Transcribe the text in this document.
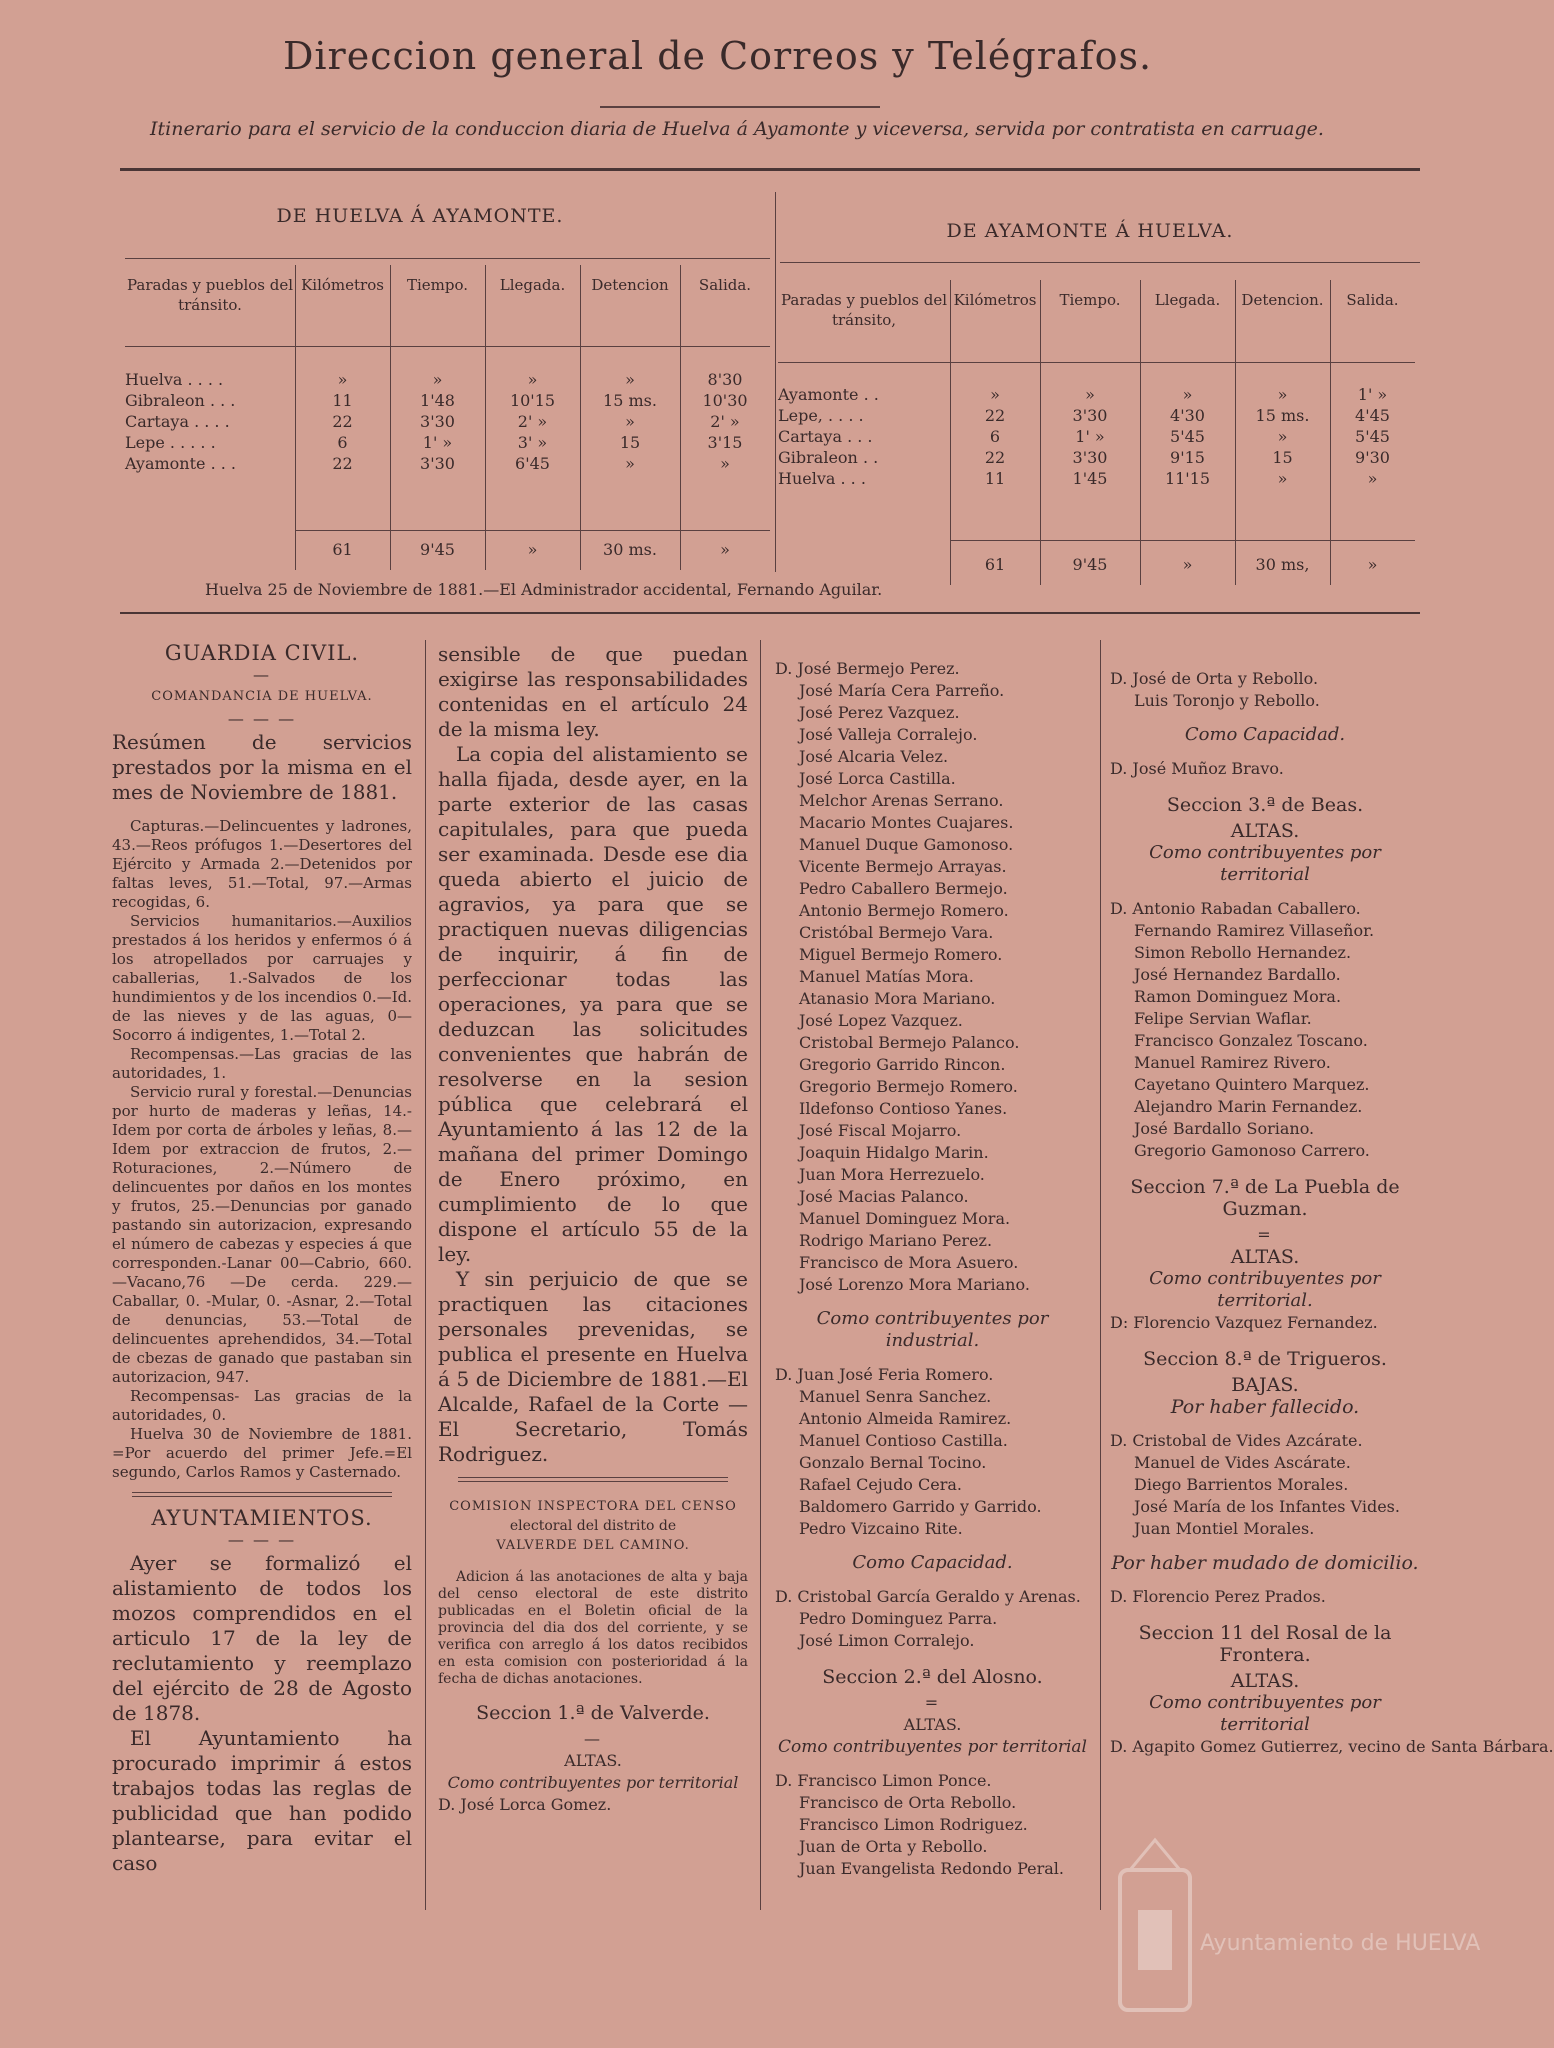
Direccion general de Correos y Telégrafos.
Itinerario para el servicio de la conduccion diaria de Huelva á Ayamonte y viceversa, servida por contratista en carruage.
DE HUELVA Á AYAMONTE.
DE AYAMONTE Á HUELVA.
Paradas y pueblos del tránsito.
Kilómetros	Tiempo.	Llegada.	Detencion	Salida.
Huelva . . . .	»	»	»	»	8'30
Gibraleon . . .	11	1'48	10'15	15 ms.	10'30
Cartaya . . . .	22	3'30	2' »	»	2' »
Lepe . . . . .	6	1' »	3' »	15	3'15
Ayamonte . . .	22	3'30	6'45	»	»
61	9'45	»	30 ms.	»
Paradas y pueblos del tránsito,
Kilómetros	Tiempo.	Llegada.	Detencion.	Salida.
Ayamonte . .	»	»	»	»	1' »
Lepe, . . . .	22	3'30	4'30	15 ms.	4'45
Cartaya . . .	6	1' »	5'45	»	5'45
Gibraleon . .	22	3'30	9'15	15	9'30
Huelva . . .	11	1'45	11'15	»	»
61	9'45	»	30 ms,	»
Huelva 25 de Noviembre de 1881.—El Administrador accidental, Fernando Aguilar.
GUARDIA CIVIL.
—
COMANDANCIA DE HUELVA.
— — —

Resúmen de servicios prestados por la misma en el mes de Noviembre de 1881.

Capturas.—Delincuentes y ladrones, 43.—Reos prófugos 1.—Desertores del Ejército y Armada 2.—Detenidos por faltas leves, 51.—Total, 97.—Armas recogidas, 6.

Servicios humanitarios.—Auxilios prestados á los heridos y enfermos ó á los atropellados por carruajes y caballerias, 1.-Salvados de los hundimientos y de los incendios 0.—Id. de las nieves y de las aguas, 0—Socorro á indigentes, 1.—Total 2.

Recompensas.—Las gracias de las autoridades, 1.

Servicio rural y forestal.—Denuncias por hurto de maderas y leñas, 14.-Idem por corta de árboles y leñas, 8.—Idem por extraccion de frutos, 2.—Roturaciones, 2.—Número de delincuentes por daños en los montes y frutos, 25.—Denuncias por ganado pastando sin autorizacion, expresando el número de cabezas y especies á que corresponden.-Lanar 00—Cabrio, 660.—Vacano,76 —De cerda. 229.—Caballar, 0. -Mular, 0. -Asnar, 2.—Total de denuncias, 53.—Total de delincuentes aprehendidos, 34.—Total de cbezas de ganado que pastaban sin autorizacion, 947.

Recompensas- Las gracias de la autoridades, 0.

Huelva 30 de Noviembre de 1881. =Por acuerdo del primer Jefe.=El segundo, Carlos Ramos y Casternado.

AYUNTAMIENTOS.
— — —

Ayer se formalizó el alistamiento de todos los mozos comprendidos en el articulo 17 de la ley de reclutamiento y reemplazo del ejército de 28 de Agosto de 1878.

El Ayuntamiento ha procurado imprimir á estos trabajos todas las reglas de publicidad que han podido plantearse, para evitar el caso

sensible de que puedan exigirse las responsabilidades contenidas en el artículo 24 de la misma ley.

La copia del alistamiento se halla fijada, desde ayer, en la parte exterior de las casas capitulales, para que pueda ser examinada. Desde ese dia queda abierto el juicio de agravios, ya para que se practiquen nuevas diligencias de inquirir, á fin de perfeccionar todas las operaciones, ya para que se deduzcan las solicitudes convenientes que habrán de resolverse en la sesion pública que celebrará el Ayuntamiento á las 12 de la mañana del primer Domingo de Enero próximo, en cumplimiento de lo que dispone el artículo 55 de la ley.

Y sin perjuicio de que se practiquen las citaciones personales prevenidas, se publica el presente en Huelva á 5 de Diciembre de 1881.—El Alcalde, Rafael de la Corte —El Secretario, Tomás Rodriguez.

COMISION INSPECTORA DEL CENSO
electoral del distrito de
VALVERDE DEL CAMINO.

Adicion á las anotaciones de alta y baja del censo electoral de este distrito publicadas en el Boletin oficial de la provincia del dia dos del corriente, y se verifica con arreglo á los datos recibidos en esta comision con posterioridad á la fecha de dichas anotaciones.

Seccion 1.ª de Valverde.
—
ALTAS.
Como contribuyentes por territorial
D. José Lorca Gomez.
D. José Bermejo Perez.
José María Cera Parreño.
José Perez Vazquez.
José Valleja Corralejo.
José Alcaria Velez.
José Lorca Castilla.
Melchor Arenas Serrano.
Macario Montes Cuajares.
Manuel Duque Gamonoso.
Vicente Bermejo Arrayas.
Pedro Caballero Bermejo.
Antonio Bermejo Romero.
Cristóbal Bermejo Vara.
Miguel Bermejo Romero.
Manuel Matías Mora.
Atanasio Mora Mariano.
José Lopez Vazquez.
Cristobal Bermejo Palanco.
Gregorio Garrido Rincon.
Gregorio Bermejo Romero.
Ildefonso Contioso Yanes.
José Fiscal Mojarro.
Joaquin Hidalgo Marin.
Juan Mora Herrezuelo.
José Macias Palanco.
Manuel Dominguez Mora.
Rodrigo Mariano Perez.
Francisco de Mora Asuero.
José Lorenzo Mora Mariano.
Como contribuyentes por industrial.
D. Juan José Feria Romero.
Manuel Senra Sanchez.
Antonio Almeida Ramirez.
Manuel Contioso Castilla.
Gonzalo Bernal Tocino.
Rafael Cejudo Cera.
Baldomero Garrido y Garrido.
Pedro Vizcaino Rite.
Como Capacidad.
D. Cristobal García Geraldo y Arenas.
Pedro Dominguez Parra.
José Limon Corralejo.
Seccion 2.ª del Alosno.
=
ALTAS.
Como contribuyentes por territorial
D. Francisco Limon Ponce.
Francisco de Orta Rebollo.
Francisco Limon Rodriguez.
Juan de Orta y Rebollo.
Juan Evangelista Redondo Peral.
D. José de Orta y Rebollo.
Luis Toronjo y Rebollo.
Como Capacidad.
D. José Muñoz Bravo.
Seccion 3.ª de Beas.
ALTAS.
Como contribuyentes por territorial
D. Antonio Rabadan Caballero.
Fernando Ramirez Villaseñor.
Simon Rebollo Hernandez.
José Hernandez Bardallo.
Ramon Dominguez Mora.
Felipe Servian Waflar.
Francisco Gonzalez Toscano.
Manuel Ramirez Rivero.
Cayetano Quintero Marquez.
Alejandro Marin Fernandez.
José Bardallo Soriano.
Gregorio Gamonoso Carrero.
Seccion 7.ª de La Puebla de Guzman.
=
ALTAS.
Como contribuyentes por territorial.
D: Florencio Vazquez Fernandez.
Seccion 8.ª de Trigueros.
BAJAS.
Por haber fallecido.
D. Cristobal de Vides Azcárate.
Manuel de Vides Ascárate.
Diego Barrientos Morales.
José María de los Infantes Vides.
Juan Montiel Morales.
Por haber mudado de domicilio.
D. Florencio Perez Prados.
Seccion 11 del Rosal de la Frontera.
ALTAS.
Como contribuyentes por territorial
D. Agapito Gomez Gutierrez, vecino de Santa Bárbara.
Ayuntamiento de HUELVA
